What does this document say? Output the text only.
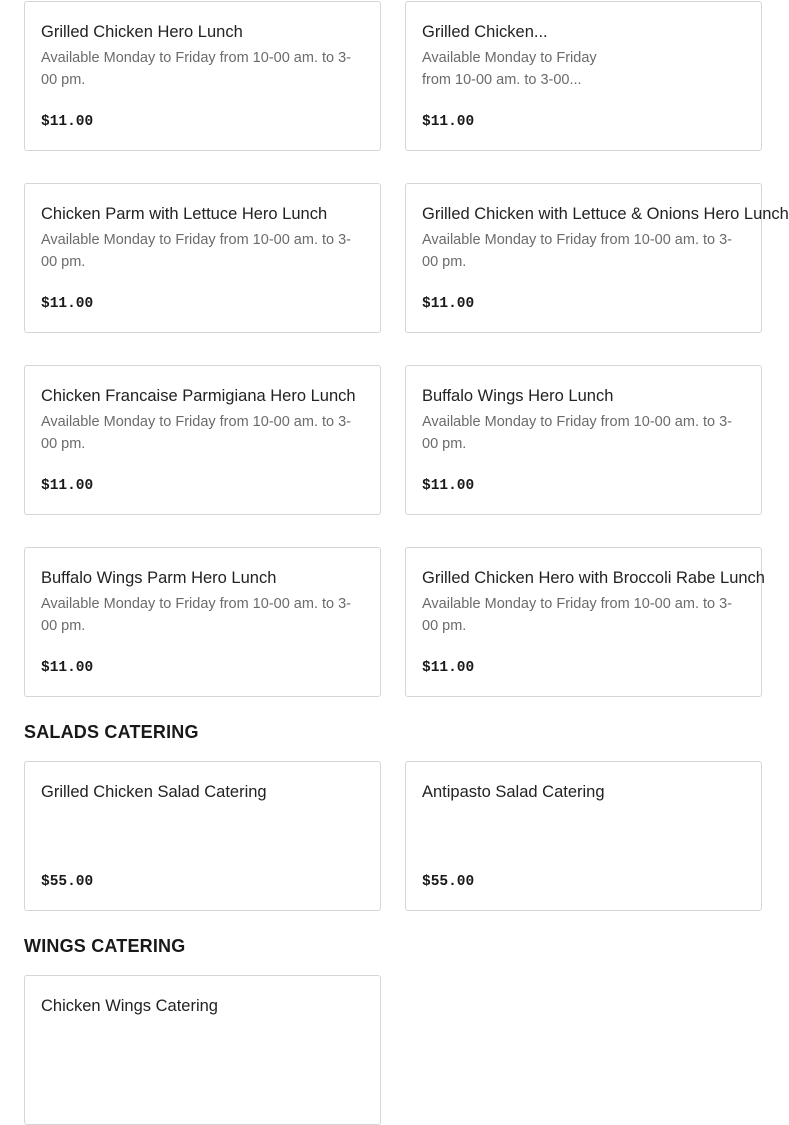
Grilled Chicken Hero Lunch
Available Monday to Friday from 10-00 am. to 3-00 pm.
$11.00
Grilled Chicken...
Available Monday to Friday from 10-00 am. to 3-00...
$11.00
Chicken Parm with Lettuce Hero Lunch
Available Monday to Friday from 10-00 am. to 3-00 pm.
$11.00
Grilled Chicken with Lettuce & Onions Hero Lunch
Available Monday to Friday from 10-00 am. to 3-00 pm.
$11.00
Chicken Francaise Parmigiana Hero Lunch
Available Monday to Friday from 10-00 am. to 3-00 pm.
$11.00
Buffalo Wings Hero Lunch
Available Monday to Friday from 10-00 am. to 3-00 pm.
$11.00
Buffalo Wings Parm Hero Lunch
Available Monday to Friday from 10-00 am. to 3-00 pm.
$11.00
Grilled Chicken Hero with Broccoli Rabe Lunch
Available Monday to Friday from 10-00 am. to 3-00 pm.
$11.00
SALADS CATERING
Grilled Chicken Salad Catering
$55.00
Antipasto Salad Catering
$55.00
WINGS CATERING
Chicken Wings Catering
